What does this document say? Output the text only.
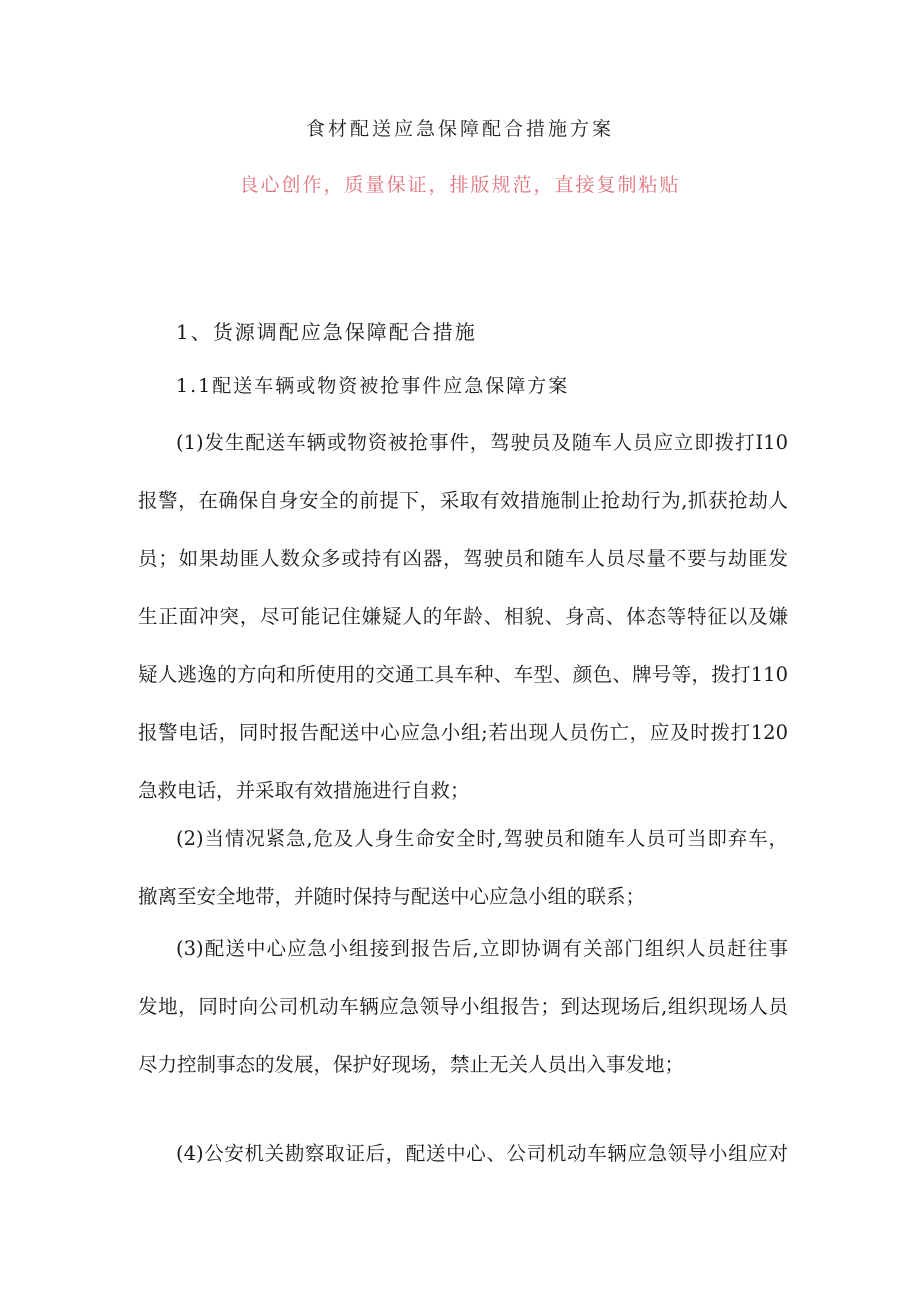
食材配送应急保障配合措施方案
良心创作，质量保证，排版规范，直接复制粘贴
1、货源调配应急保障配合措施
1.1配送车辆或物资被抢事件应急保障方案
(1)发生配送车辆或物资被抢事件，驾驶员及随车人员应立即拨打I10
报警，在确保自身安全的前提下，采取有效措施制止抢劫行为,抓获抢劫人
员；如果劫匪人数众多或持有凶器，驾驶员和随车人员尽量不要与劫匪发
生正面冲突，尽可能记住嫌疑人的年龄、相貌、身高、体态等特征以及嫌
疑人逃逸的方向和所使用的交通工具车种、车型、颜色、牌号等，拨打110
报警电话，同时报告配送中心应急小组;若出现人员伤亡，应及时拨打120
急救电话，并采取有效措施进行自救；
(2)当情况紧急,危及人身生命安全时,驾驶员和随车人员可当即弃车，
撤离至安全地带，并随时保持与配送中心应急小组的联系；
(3)配送中心应急小组接到报告后,立即协调有关部门组织人员赶往事
发地，同时向公司机动车辆应急领导小组报告；到达现场后,组织现场人员
尽力控制事态的发展，保护好现场，禁止无关人员出入事发地；
(4)公安机关勘察取证后，配送中心、公司机动车辆应急领导小组应对
